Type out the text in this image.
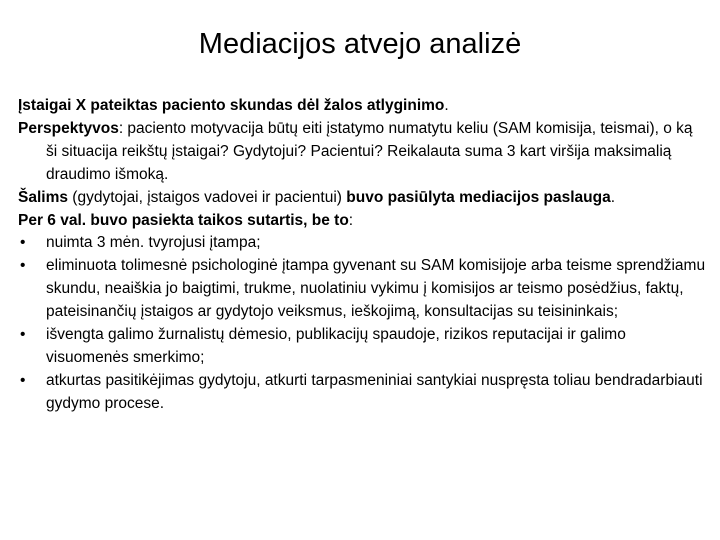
Mediacijos atvejo analizė

Įstaigai X pateiktas paciento skundas dėl žalos atlyginimo.

Perspektyvos: paciento motyvacija būtų eiti įstatymo numatytu keliu (SAM komisija, teismai), o ką ši situacija reikštų įstaigai? Gydytojui? Pacientui? Reikalauta suma 3 kart viršija maksimalią draudimo išmoką.

Šalims (gydytojai, įstaigos vadovei ir pacientui) buvo pasiūlyta mediacijos paslauga.

Per 6 val. buvo pasiekta taikos sutartis, be to:

• nuimta 3 mėn. tvyrojusi įtampa;
• eliminuota tolimesnė psichologinė įtampa gyvenant su SAM komisijoje arba teisme sprendžiamu skundu, neaiškia jo baigtimi, trukme, nuolatiniu vykimu į komisijos ar teismo posėdžius, faktų, pateisinančių įstaigos ar gydytojo veiksmus, ieškojimą, konsultacijas su teisininkais;
• išvengta galimo žurnalistų dėmesio, publikacijų spaudoje, rizikos reputacijai ir galimo visuomenės smerkimo;
• atkurtas pasitikėjimas gydytoju, atkurti tarpasmeniniai santykiai nuspręsta toliau bendradarbiauti gydymo procese.
